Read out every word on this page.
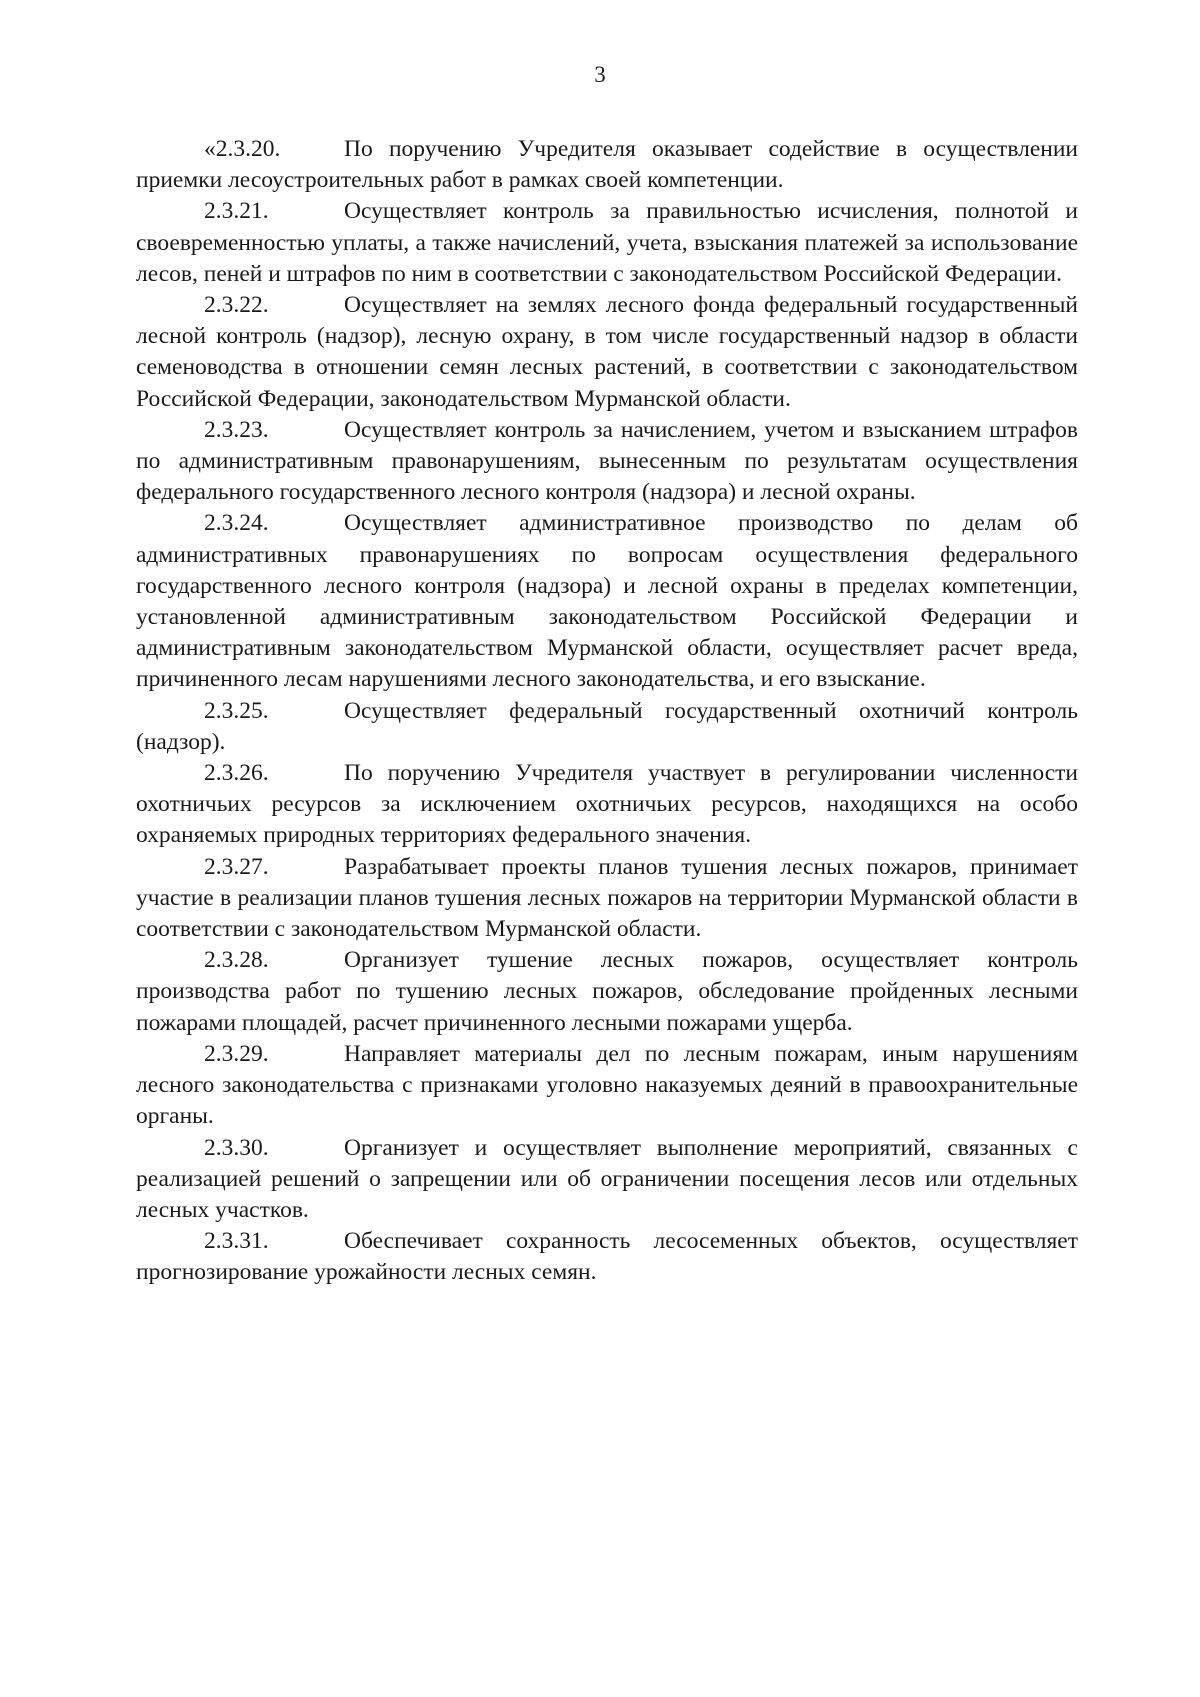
3

«2.3.20.	По поручению Учредителя оказывает содействие в осуществлении приемки лесоустроительных работ в рамках своей компетенции.

2.3.21.	Осуществляет контроль за правильностью исчисления, полнотой и своевременностью уплаты, а также начислений, учета, взыскания платежей за использование лесов, пеней и штрафов по ним в соответствии с законодательством Российской Федерации.

2.3.22.	Осуществляет на землях лесного фонда федеральный государственный лесной контроль (надзор), лесную охрану, в том числе государственный надзор в области семеноводства в отношении семян лесных растений, в соответствии с законодательством Российской Федерации, законодательством Мурманской области.

2.3.23.	Осуществляет контроль за начислением, учетом и взысканием штрафов по административным правонарушениям, вынесенным по результатам осуществления федерального государственного лесного контроля (надзора) и лесной охраны.

2.3.24.	Осуществляет административное производство по делам об административных правонарушениях по вопросам осуществления федерального государственного лесного контроля (надзора) и лесной охраны в пределах компетенции, установленной административным законодательством Российской Федерации и административным законодательством Мурманской области, осуществляет расчет вреда, причиненного лесам нарушениями лесного законодательства, и его взыскание.

2.3.25.	Осуществляет федеральный государственный охотничий контроль (надзор).

2.3.26.	По поручению Учредителя участвует в регулировании численности охотничьих ресурсов за исключением охотничьих ресурсов, находящихся на особо охраняемых природных территориях федерального значения.

2.3.27.	Разрабатывает проекты планов тушения лесных пожаров, принимает участие в реализации планов тушения лесных пожаров на территории Мурманской области в соответствии с законодательством Мурманской области.

2.3.28.	Организует тушение лесных пожаров, осуществляет контроль производства работ по тушению лесных пожаров, обследование пройденных лесными пожарами площадей, расчет причиненного лесными пожарами ущерба.

2.3.29.	Направляет материалы дел по лесным пожарам, иным нарушениям лесного законодательства с признаками уголовно наказуемых деяний в правоохранительные органы.

2.3.30.	Организует и осуществляет выполнение мероприятий, связанных с реализацией решений о запрещении или об ограничении посещения лесов или отдельных лесных участков.

2.3.31.	Обеспечивает сохранность лесосеменных объектов, осуществляет прогнозирование урожайности лесных семян.
